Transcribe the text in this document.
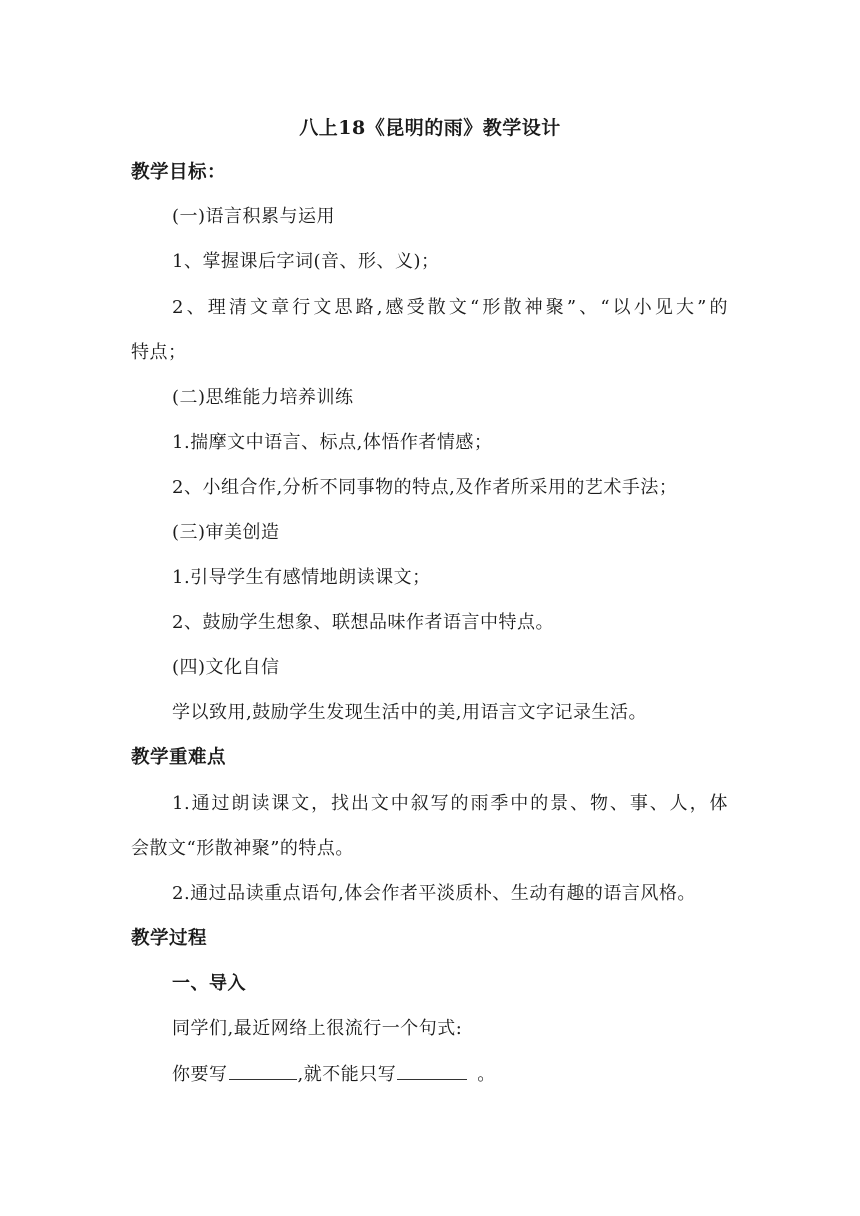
八上18《昆明的雨》教学设计
教学目标：
(一)语言积累与运用
1、掌握课后字词(音、形、义)；
2、理清文章行文思路,感受散文“形散神聚”、“以小见大”的
特点；
(二)思维能力培养训练
1.揣摩文中语言、标点,体悟作者情感；
2、小组合作,分析不同事物的特点,及作者所采用的艺术手法；
(三)审美创造
1.引导学生有感情地朗读课文；
2、鼓励学生想象、联想品味作者语言中特点。
(四)文化自信
学以致用,鼓励学生发现生活中的美,用语言文字记录生活。
教学重难点
1.通过朗读课文，找出文中叙写的雨季中的景、物、事、人，体
会散文“形散神聚”的特点。
2.通过品读重点语句,体会作者平淡质朴、生动有趣的语言风格。
教学过程
一、导入
同学们,最近网络上很流行一个句式:
你要写	,就不能只写	。
